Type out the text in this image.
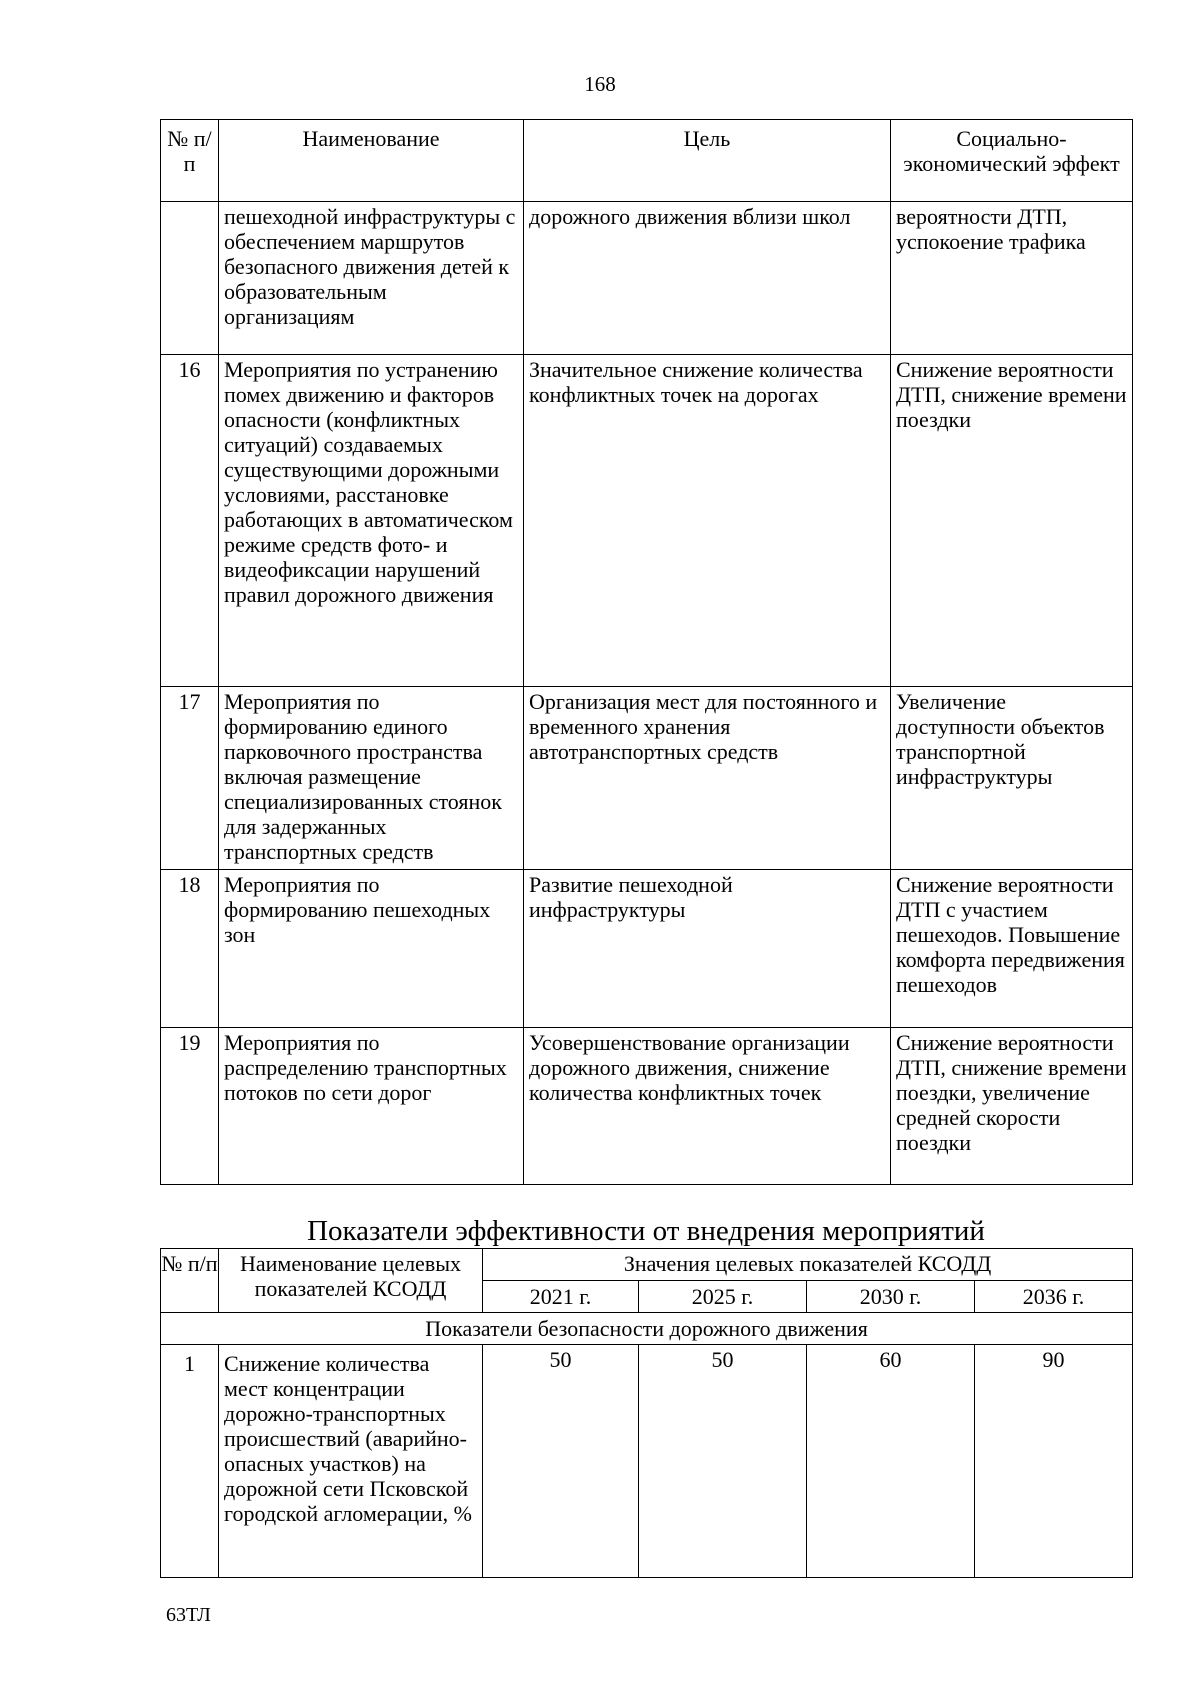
168
№ п/п	Наименование	Цель	Социально-экономический эффект
	пешеходной инфраструктуры с обеспечением маршрутов безопасного движения детей к образовательным организациям	дорожного движения вблизи школ	вероятности ДТП, успокоение трафика
16	Мероприятия по устранению помех движению и факторов опасности (конфликтных ситуаций) создаваемых существующими дорожными условиями, расстановке работающих в автоматическом режиме средств фото- и видеофиксации нарушений правил дорожного движения	Значительное снижение количества конфликтных точек на дорогах	Снижение вероятности ДТП, снижение времени поездки
17	Мероприятия по формированию единого парковочного пространства включая размещение специализированных стоянок для задержанных транспортных средств	Организация мест для постоянного и временного хранения автотранспортных средств	Увеличение доступности объектов транспортной инфраструктуры
18	Мероприятия по формированию пешеходных зон	Развитие пешеходной инфраструктуры	Снижение вероятности ДТП с участием пешеходов. Повышение комфорта передвижения пешеходов
19	Мероприятия по распределению транспортных потоков по сети дорог	Усовершенствование организации дорожного движения, снижение количества конфликтных точек	Снижение вероятности ДТП, снижение времени поездки, увеличение средней скорости поездки
Показатели эффективности от внедрения мероприятий
№ п/п	Наименование целевых показателей КСОДД	Значения целевых показателей КСОДД			
		2021 г.	2025 г.	2030 г.	2036 г.
Показатели безопасности дорожного движения					
1	Снижение количества мест концентрации дорожно-транспортных происшествий (аварийно-опасных участков) на дорожной сети Псковской городской агломерации, %	50	50	60	90
63ТЛ
